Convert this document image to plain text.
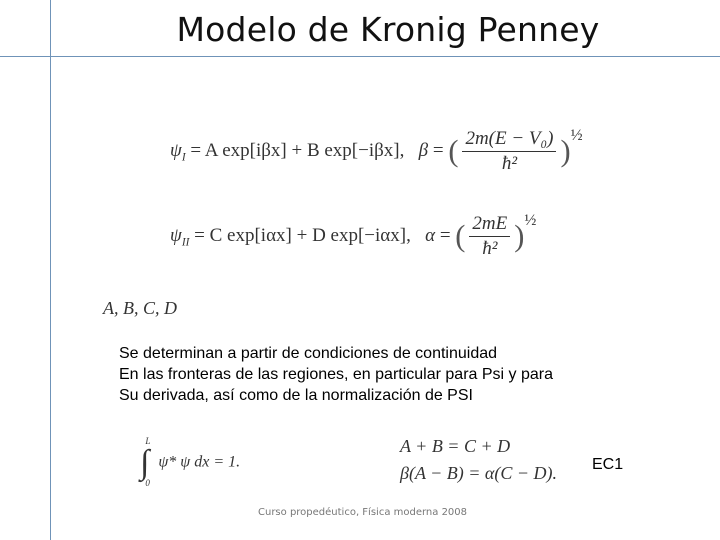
Modelo de Kronig Penney
$\psi_I = A$ exp[iβx] + B exp[−iβx], β = ( $\frac{\text{2m(E − V₀)}}{\text{ħ²}} )^{\frac{1}{2}}$
$\psi_{II} = C$ exp[iαx] + D exp[−iαx], α = ( $\frac{2mE}{\text{ħ²}} )^{\frac{1}{2}}$
A, B, C, D
Se determinan a partir de condiciones de continuidad
En las fronteras de las regiones, en particular para Psi y para
Su derivada, así como de la normalización de PSI
∫L
0 ψ* ψ dx = 1.
A + B = C + D
β(A − B) = α(C − D). EC1
Curso propedéutico, Física moderna 2008
